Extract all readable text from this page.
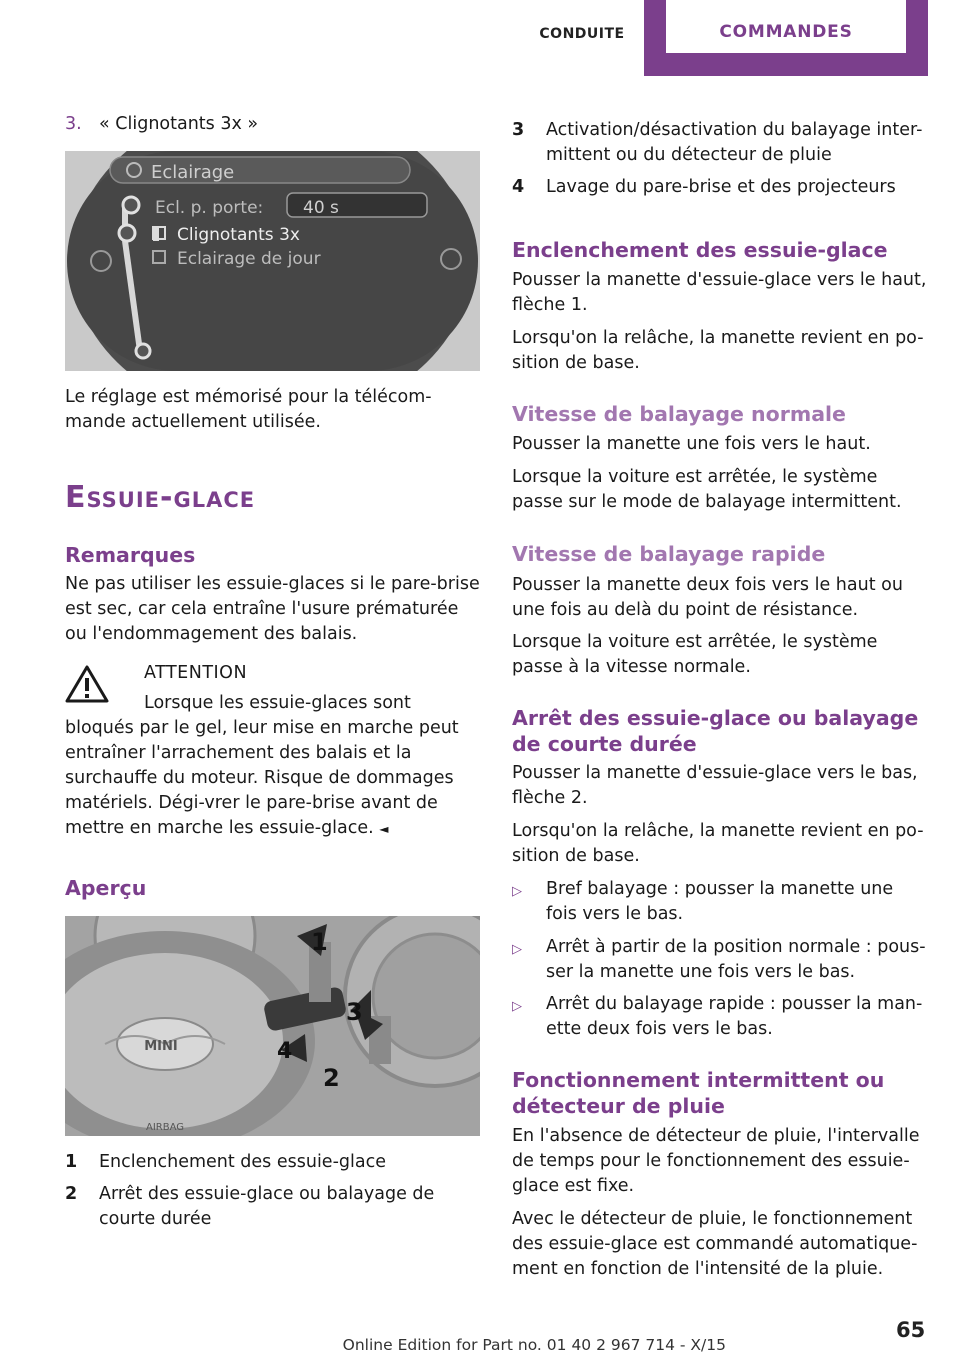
CONDUITE	COMMANDES
3. « Clignotants 3x »
Eclairage
Ecl. p. porte: 40 s
Clignotants 3x
Eclairage de jour
Le réglage est mémorisé pour la télécom-mande actuellement utilisée.
Essuie-glace
Remarques
Ne pas utiliser les essuie-glaces si le pare-brise est sec, car cela entraîne l'usure prématurée ou l'endommagement des balais.
ATTENTION
Lorsque les essuie-glaces sont bloqués par le gel, leur mise en marche peut entraîner l'arrachement des balais et la surchauffe du moteur. Risque de dommages matériels. Dégi-vrer le pare-brise avant de mettre en marche les essuie-glace. ◄
Aperçu
MINI
AIRBAG
1
2
3
4
1 Enclenchement des essuie-glace
2 Arrêt des essuie-glace ou balayage de courte durée
3 Activation/désactivation du balayage inter-mittent ou du détecteur de pluie
4 Lavage du pare-brise et des projecteurs
Enclenchement des essuie-glace
Pousser la manette d'essuie-glace vers le haut, flèche 1.
Lorsqu'on la relâche, la manette revient en po-sition de base.
Vitesse de balayage normale
Pousser la manette une fois vers le haut.
Lorsque la voiture est arrêtée, le système passe sur le mode de balayage intermittent.
Vitesse de balayage rapide
Pousser la manette deux fois vers le haut ou une fois au delà du point de résistance.
Lorsque la voiture est arrêtée, le système passe à la vitesse normale.
Arrêt des essuie-glace ou balayage de courte durée
Pousser la manette d'essuie-glace vers le bas, flèche 2.
Lorsqu'on la relâche, la manette revient en po-sition de base.
▷ Bref balayage : pousser la manette une fois vers le bas.
▷ Arrêt à partir de la position normale : pous-ser la manette une fois vers le bas.
▷ Arrêt du balayage rapide : pousser la man-ette deux fois vers le bas.
Fonctionnement intermittent ou détecteur de pluie
En l'absence de détecteur de pluie, l'intervalle de temps pour le fonctionnement des essuie-glace est fixe.
Avec le détecteur de pluie, le fonctionnement des essuie-glace est commandé automatique-ment en fonction de l'intensité de la pluie.
65
Online Edition for Part no. 01 40 2 967 714 - X/15
